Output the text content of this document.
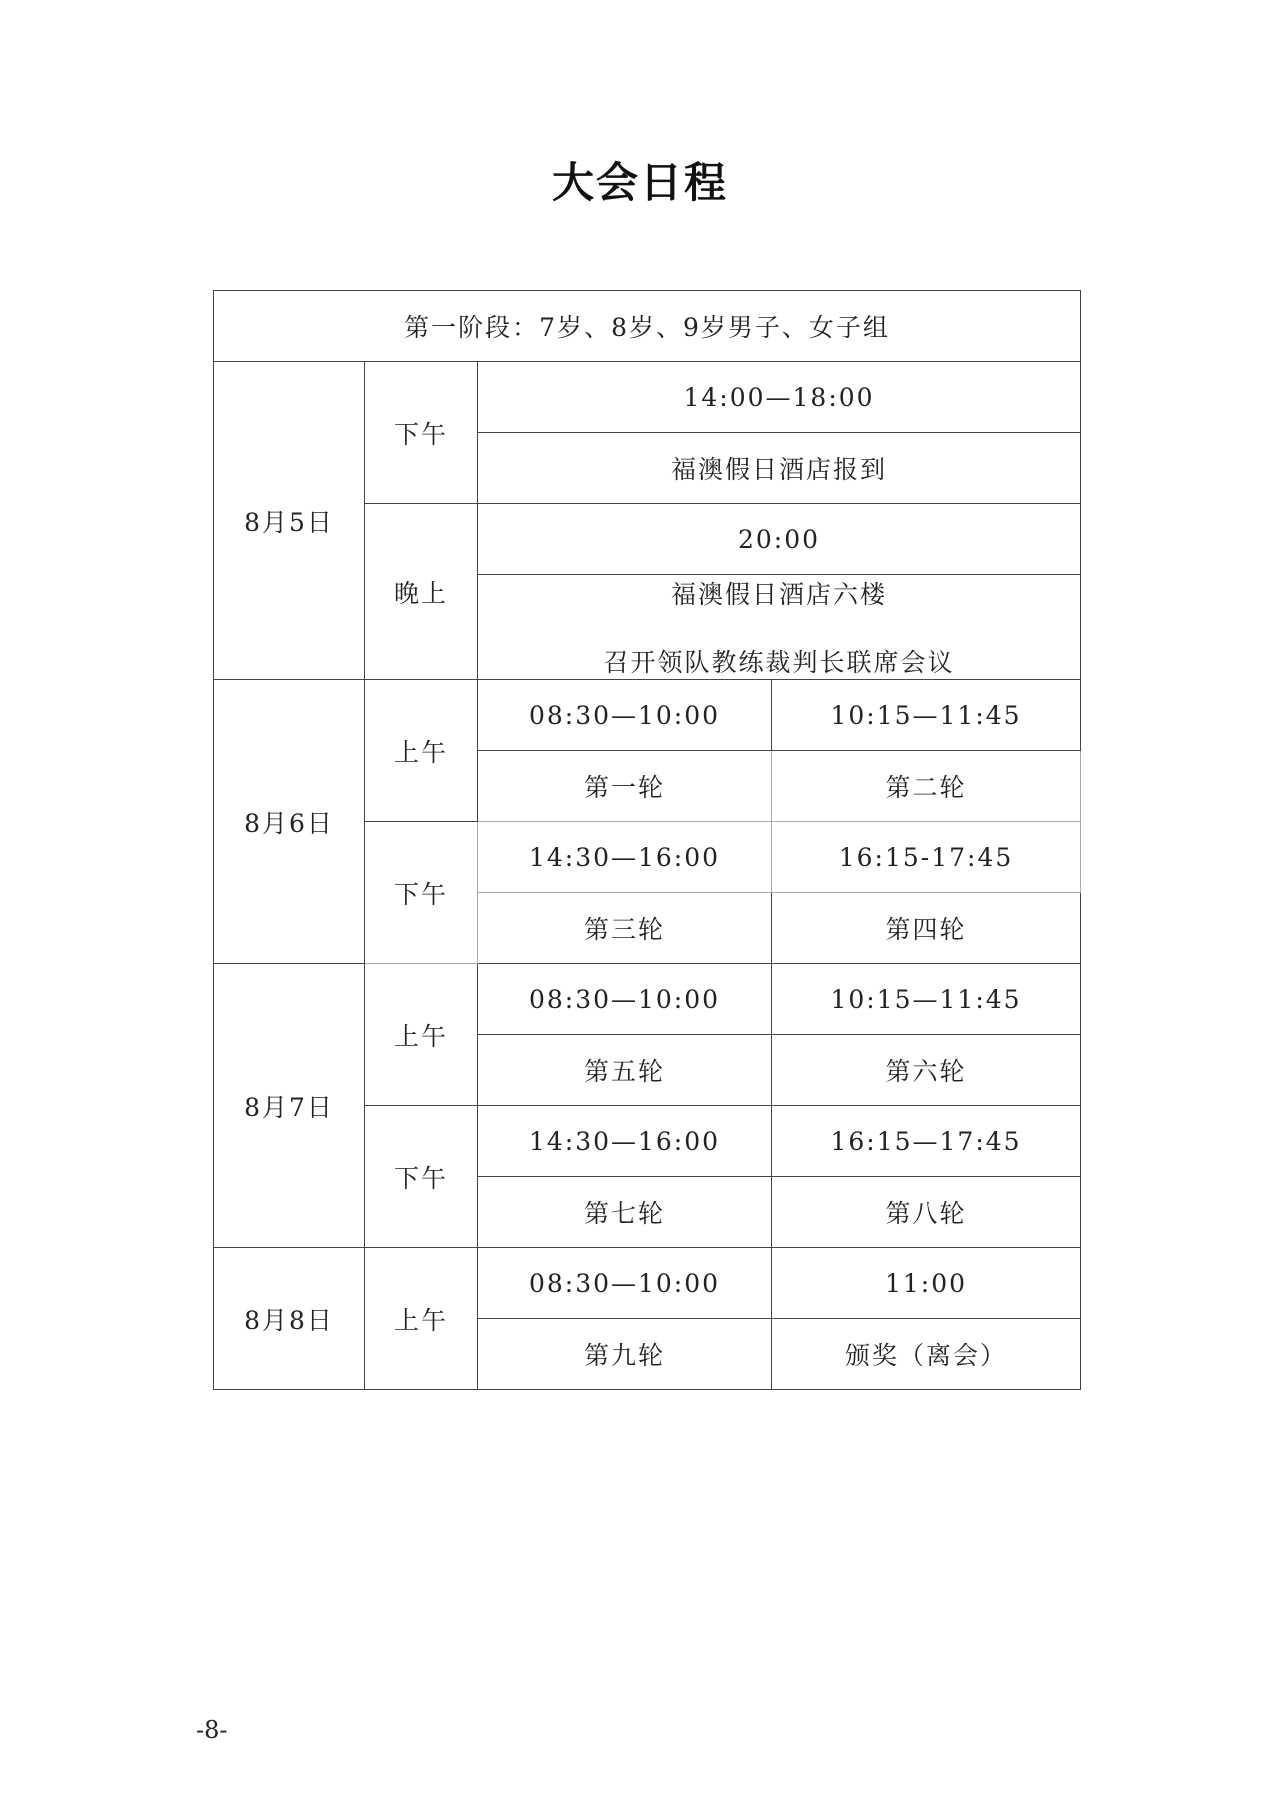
大会日程
第一阶段：7岁、8岁、9岁男子、女子组			
8月5日	下午	14:00—18:00	
		福澳假日酒店报到	
	晚上	20:00	
		福澳假日酒店六楼
召开领队教练裁判长联席会议	

8月6日	上午	08:30—10:00	10:15—11:45
		第一轮	第二轮
	下午	14:30—16:00	16:15-17:45
		第三轮	第四轮
8月7日	上午	08:30—10:00	10:15—11:45
		第五轮	第六轮
	下午	14:30—16:00	16:15—17:45
		第七轮	第八轮
8月8日	上午	08:30—10:00	11:00
		第九轮	颁奖（离会）
-8-
